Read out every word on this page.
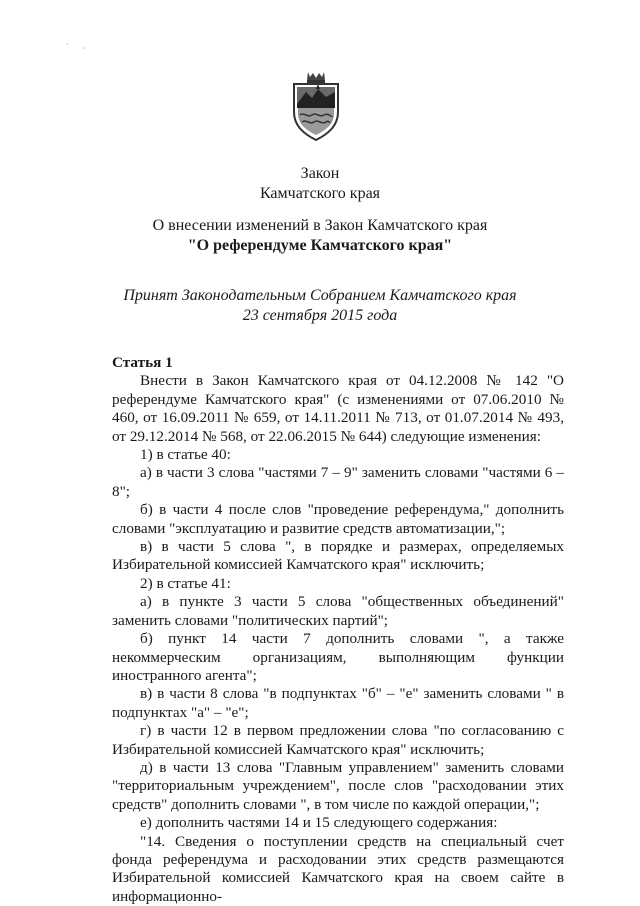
· ·
Закон
Камчатского края
О внесении изменений в Закон Камчатского края
"О референдуме Камчатского края"
Принят Законодательным Собранием Камчатского края
23 сентября 2015 года

Статья 1

Внести в Закон Камчатского края от 04.12.2008 № 142 "О референдуме Камчатского края" (с изменениями от 07.06.2010 № 460, от 16.09.2011 № 659, от 14.11.2011 № 713, от 01.07.2014 № 493, от 29.12.2014 № 568, от 22.06.2015 № 644) следующие изменения:

1) в статье 40:

а) в части 3 слова "частями 7 – 9" заменить словами "частями 6 – 8";

б) в части 4 после слов "проведение референдума," дополнить словами "эксплуатацию и развитие средств автоматизации,";

в) в части 5 слова ", в порядке и размерах, определяемых Избирательной комиссией Камчатского края" исключить;

2) в статье 41:

а) в пункте 3 части 5 слова "общественных объединений" заменить словами "политических партий";

б) пункт 14 части 7 дополнить словами ", а также некоммерческим организациям, выполняющим функции иностранного агента";

в) в части 8 слова "в подпунктах "б" – "е" заменить словами " в подпунктах "а" – "е";

г) в части 12 в первом предложении слова "по согласованию с Избирательной комиссией Камчатского края" исключить;

д) в части 13 слова "Главным управлением" заменить словами "территориальным учреждением", после слов "расходовании этих средств" дополнить словами ", в том числе по каждой операции,";

е) дополнить частями 14 и 15 следующего содержания:

"14. Сведения о поступлении средств на специальный счет фонда референдума и расходовании этих средств размещаются Избирательной комиссией Камчатского края на своем сайте в информационно-
